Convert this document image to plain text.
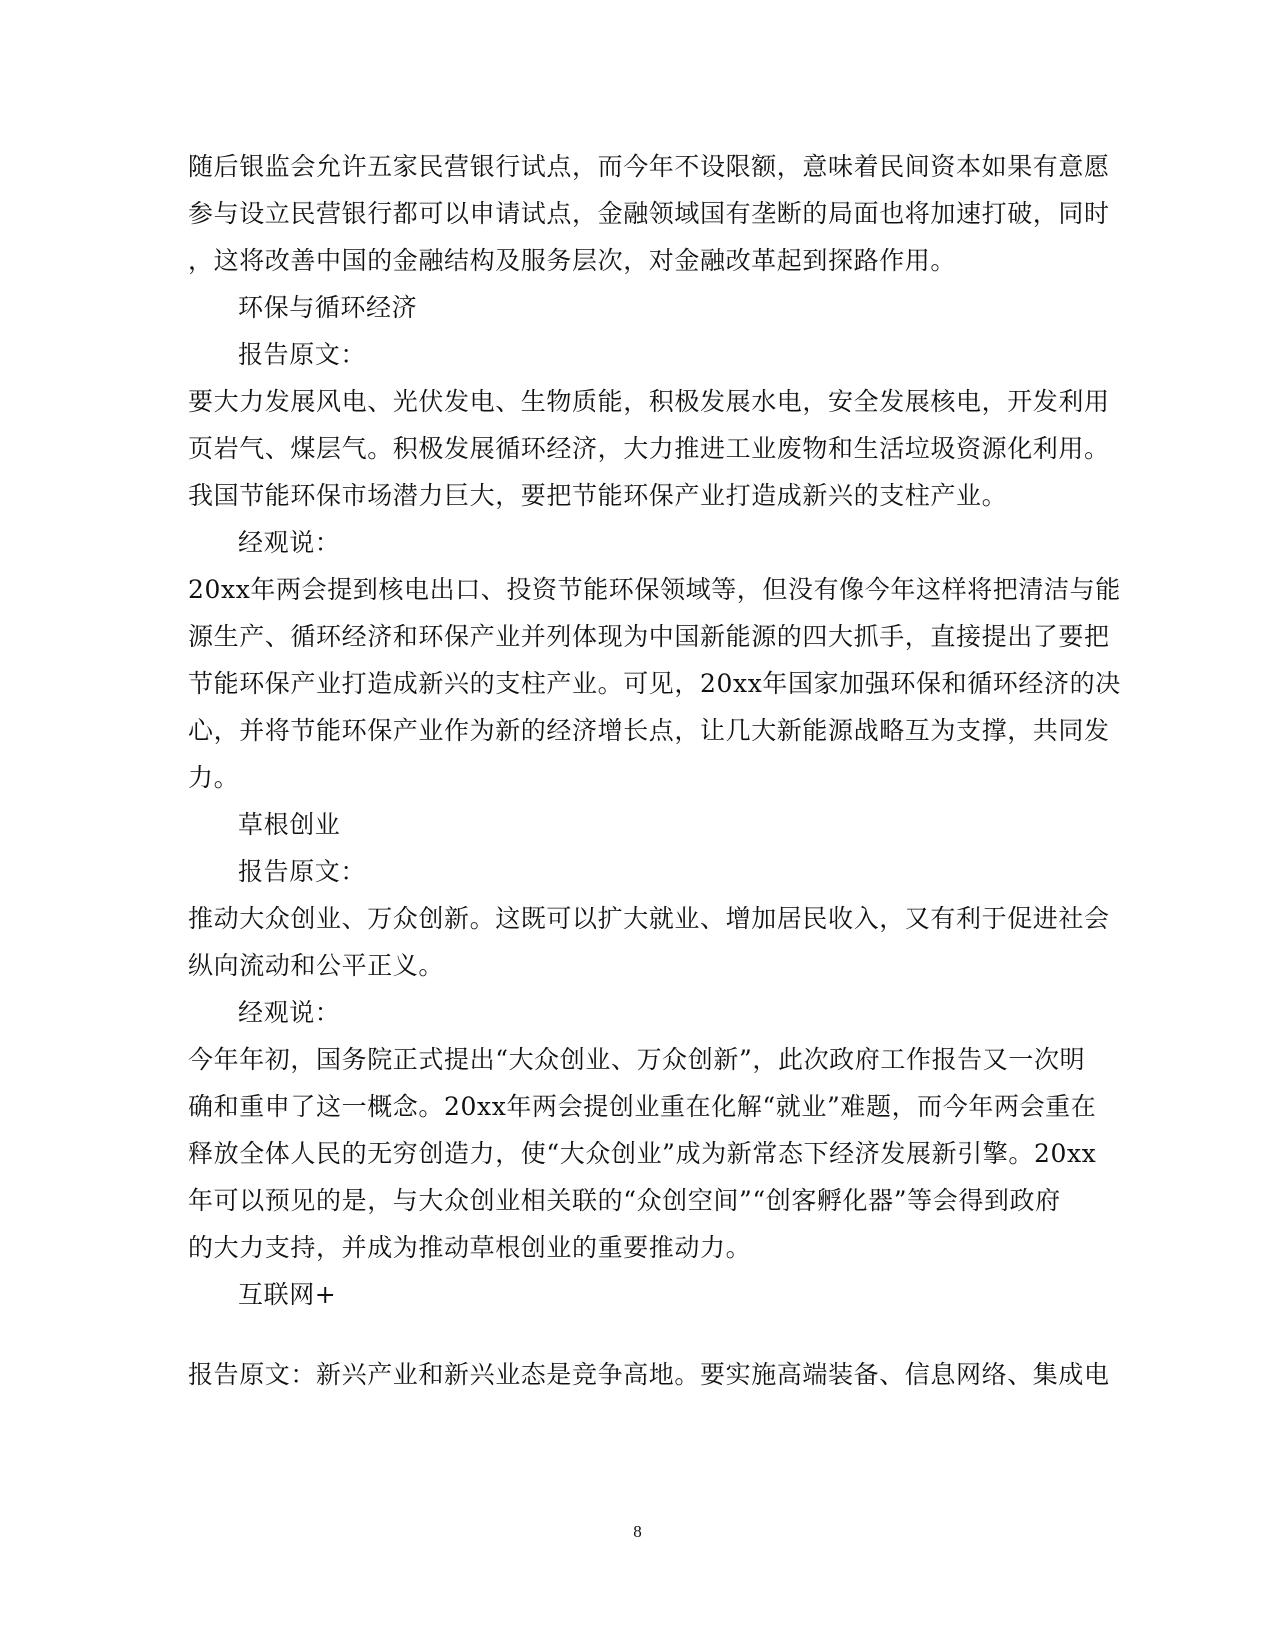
随后银监会允许五家民营银行试点，而今年不设限额，意味着民间资本如果有意愿
参与设立民营银行都可以申请试点，金融领域国有垄断的局面也将加速打破，同时
，这将改善中国的金融结构及服务层次，对金融改革起到探路作用。
环保与循环经济
报告原文：
要大力发展风电、光伏发电、生物质能，积极发展水电，安全发展核电，开发利用
页岩气、煤层气。积极发展循环经济，大力推进工业废物和生活垃圾资源化利用。
我国节能环保市场潜力巨大，要把节能环保产业打造成新兴的支柱产业。
经观说：
20xx年两会提到核电出口、投资节能环保领域等，但没有像今年这样将把清洁与能
源生产、循环经济和环保产业并列体现为中国新能源的四大抓手，直接提出了要把
节能环保产业打造成新兴的支柱产业。可见，20xx年国家加强环保和循环经济的决
心，并将节能环保产业作为新的经济增长点，让几大新能源战略互为支撑，共同发
力。
草根创业
报告原文：
推动大众创业、万众创新。这既可以扩大就业、增加居民收入，又有利于促进社会
纵向流动和公平正义。
经观说：
今年年初，国务院正式提出“大众创业、万众创新”，此次政府工作报告又一次明
确和重申了这一概念。20xx年两会提创业重在化解“就业”难题，而今年两会重在
释放全体人民的无穷创造力，使“大众创业”成为新常态下经济发展新引擎。20xx
年可以预见的是，与大众创业相关联的“众创空间”“创客孵化器”等会得到政府
的大力支持，并成为推动草根创业的重要推动力。
互联网+
报告原文：新兴产业和新兴业态是竞争高地。要实施高端装备、信息网络、集成电
8
